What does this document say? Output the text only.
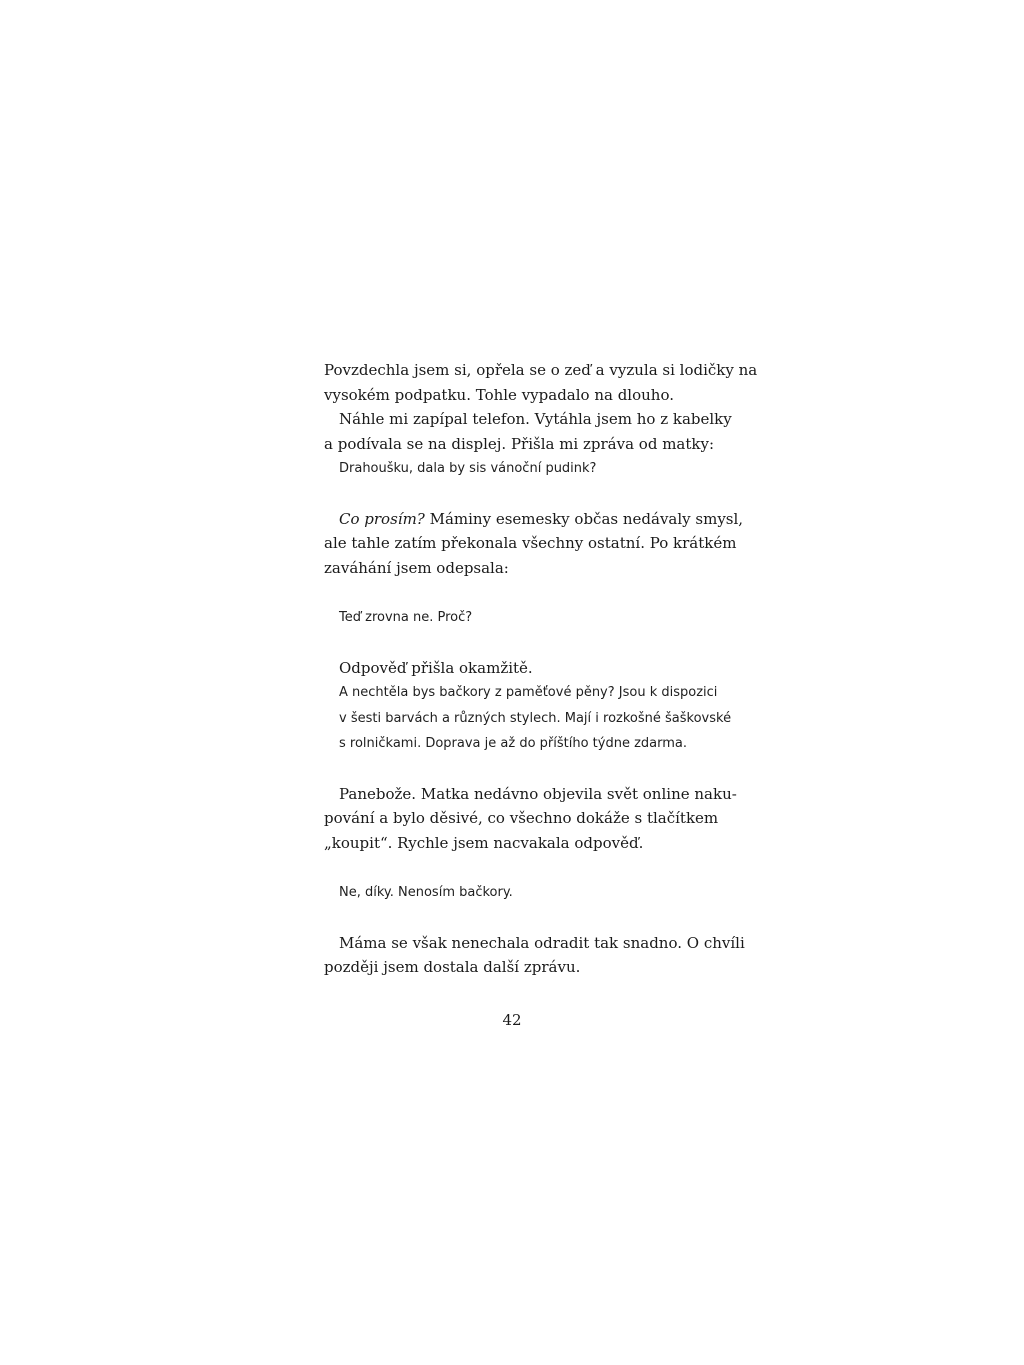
Povzdechla jsem si, opřela se o zeď a vyzula si lodičky na
vysokém podpatku. Tohle vypadalo na dlouho.
Náhle mi zapípal telefon. Vytáhla jsem ho z kabelky
a podívala se na displej. Přišla mi zpráva od matky:
Drahoušku, dala by sis vánoční pudink?
Co prosím? Máminy esemesky občas nedávaly smysl,
ale tahle zatím překonala všechny ostatní. Po krátkém
zaváhání jsem odepsala:
Teď zrovna ne. Proč?
Odpověď přišla okamžitě.
A nechtěla bys bačkory z paměťové pěny? Jsou k dispozici
v šesti barvách a různých stylech. Mají i rozkošné šaškovské
s rolničkami. Doprava je až do příštího týdne zdarma.
Panebože. Matka nedávno objevila svět online naku-
pování a bylo děsivé, co všechno dokáže s tlačítkem
„koupit“. Rychle jsem nacvakala odpověď.
Ne, díky. Nenosím bačkory.
Máma se však nenechala odradit tak snadno. O chvíli
později jsem dostala další zprávu.
42
